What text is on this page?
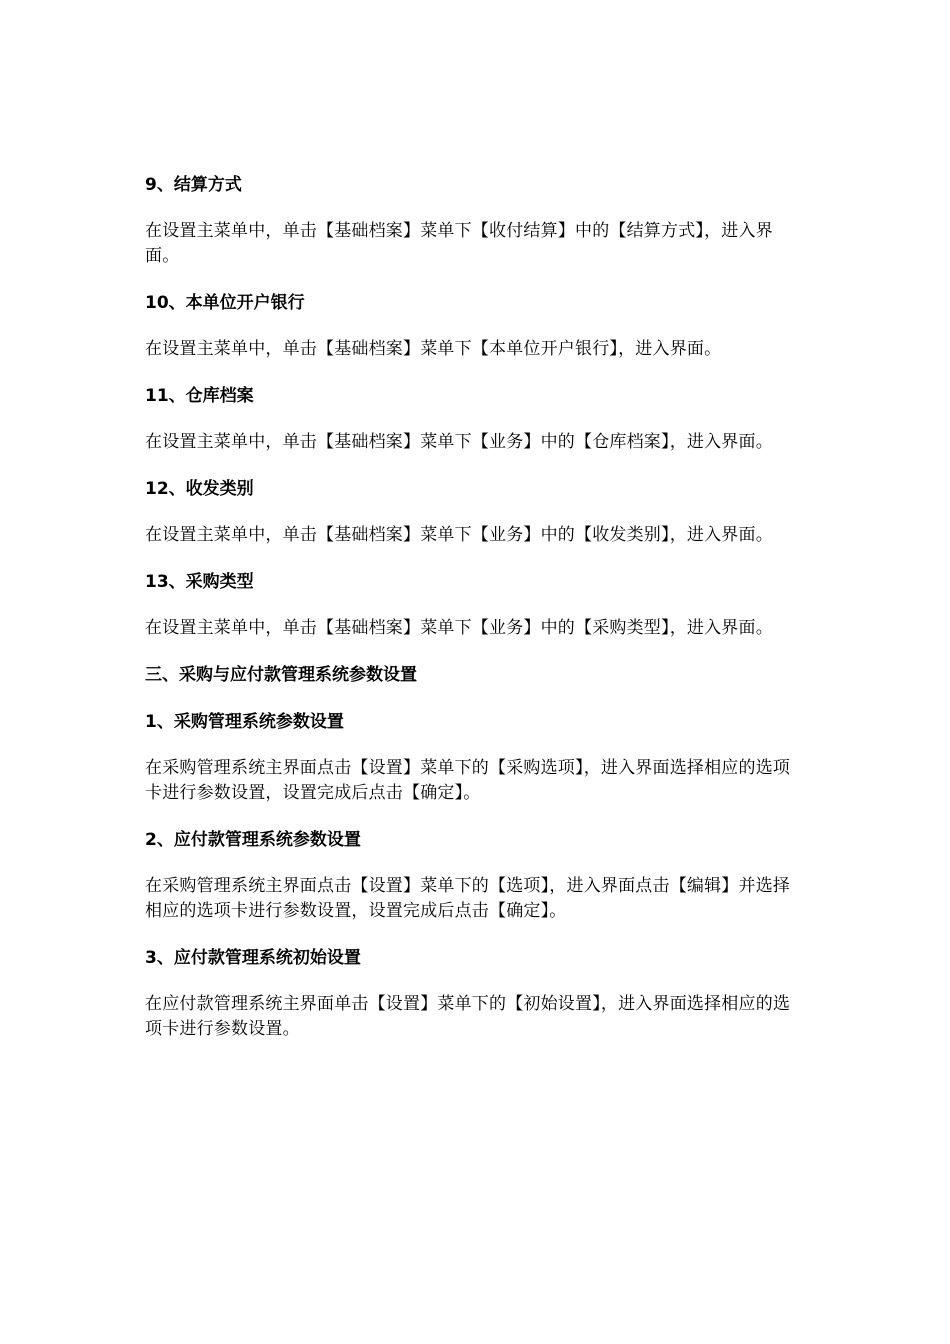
9、结算方式
在设置主菜单中，单击【基础档案】菜单下【收付结算】中的【结算方式】，进入界面。
10、本单位开户银行
在设置主菜单中，单击【基础档案】菜单下【本单位开户银行】，进入界面。
11、仓库档案
在设置主菜单中，单击【基础档案】菜单下【业务】中的【仓库档案】，进入界面。
12、收发类别
在设置主菜单中，单击【基础档案】菜单下【业务】中的【收发类别】，进入界面。
13、采购类型
在设置主菜单中，单击【基础档案】菜单下【业务】中的【采购类型】，进入界面。
三、采购与应付款管理系统参数设置
1、采购管理系统参数设置
在采购管理系统主界面点击【设置】菜单下的【采购选项】，进入界面选择相应的选项卡进行参数设置，设置完成后点击【确定】。
2、应付款管理系统参数设置
在采购管理系统主界面点击【设置】菜单下的【选项】，进入界面点击【编辑】并选择相应的选项卡进行参数设置，设置完成后点击【确定】。
3、应付款管理系统初始设置
在应付款管理系统主界面单击【设置】菜单下的【初始设置】，进入界面选择相应的选项卡进行参数设置。
